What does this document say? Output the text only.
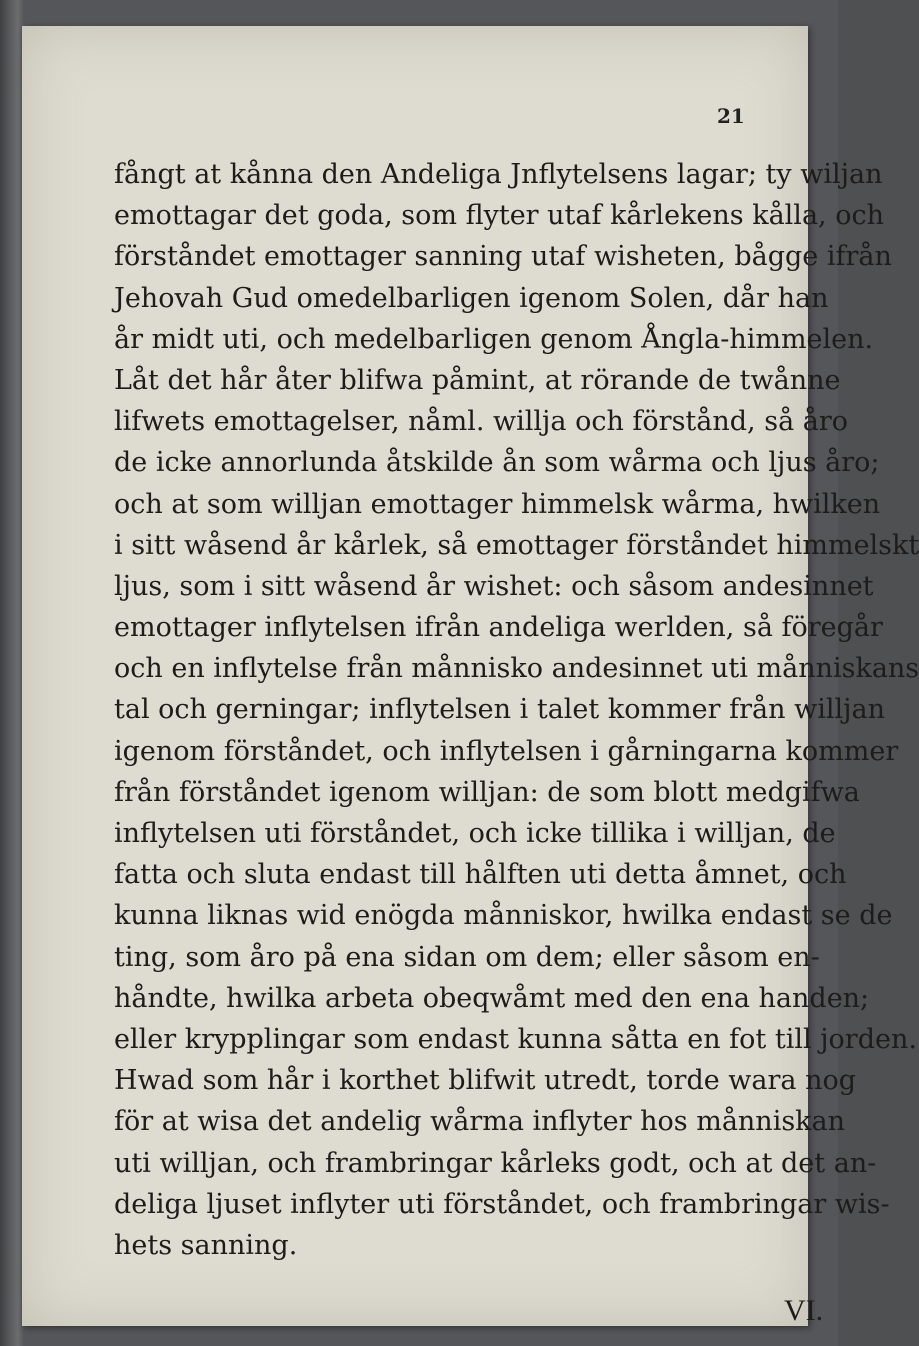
21
fångt at kånna den Andeliga Jnflytelsens lagar; ty wiljan
emottagar det goda, som flyter utaf kårlekens kålla, och
förståndet emottager sanning utaf wisheten, bågge ifrån
Jehovah Gud omedelbarligen igenom Solen, dår han
år midt uti, och medelbarligen genom Ångla-himmelen.
Låt det hår åter blifwa påmint, at rörande de twånne
lifwets emottagelser, nåml. willja och förstånd, så åro
de icke annorlunda åtskilde ån som wårma och ljus åro;
och at som willjan emottager himmelsk wårma, hwilken
i sitt wåsend år kårlek, så emottager förståndet himmelskt
ljus, som i sitt wåsend år wishet: och såsom andesinnet
emottager inflytelsen ifrån andeliga werlden, så föregår
och en inflytelse från månnisko andesinnet uti månniskans
tal och gerningar; inflytelsen i talet kommer från willjan
igenom förståndet, och inflytelsen i gårningarna kommer
från förståndet igenom willjan: de som blott medgifwa
inflytelsen uti förståndet, och icke tillika i willjan, de
fatta och sluta endast till hålften uti detta åmnet, och
kunna liknas wid enögda månniskor, hwilka endast se de
ting, som åro på ena sidan om dem; eller såsom en-
håndte, hwilka arbeta obeqwåmt med den ena handen;
eller krypplingar som endast kunna såtta en fot till jorden.
Hwad som hår i korthet blifwit utredt, torde wara nog
för at wisa det andelig wårma inflyter hos månniskan
uti willjan, och frambringar kårleks godt, och at det an-
deliga ljuset inflyter uti förståndet, och frambringar wis-
hets sanning.
VI.
